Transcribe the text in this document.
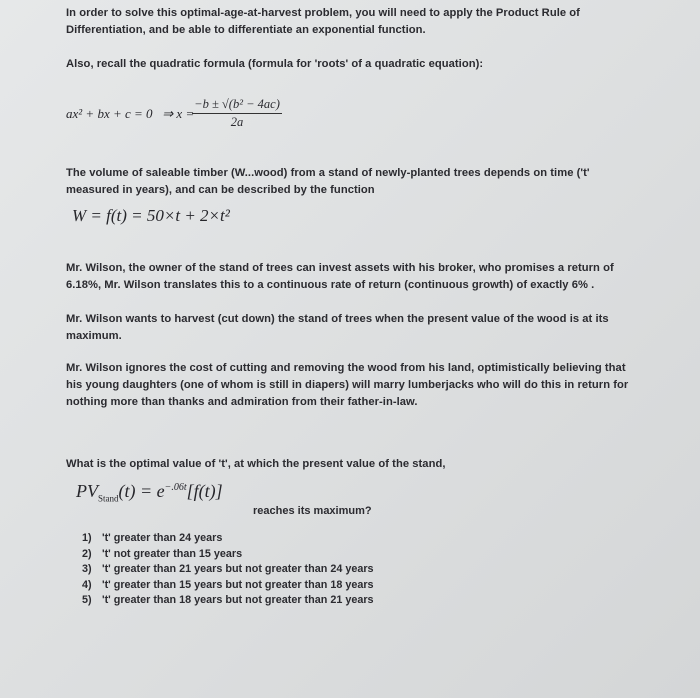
In order to solve this optimal-age-at-harvest problem, you will need to apply the Product Rule of Differentiation, and be able to differentiate an exponential function.
Also, recall the quadratic formula (formula for 'roots' of a quadratic equation):
ax² + bx + c = 0 ⇒ x =
$\frac{\text{−b ± √(b² − 4ac)}}{2a}$
The volume of saleable timber (W...wood) from a stand of newly-planted trees depends on time ('t' measured in years), and can be described by the function
W = f(t) = 50×t + 2×t²
Mr. Wilson, the owner of the stand of trees can invest assets with his broker, who promises a return of 6.18%, Mr. Wilson translates this to a continuous rate of return (continuous growth) of exactly 6% .
Mr. Wilson wants to harvest (cut down) the stand of trees when the present value of the wood is at its maximum.
Mr. Wilson ignores the cost of cutting and removing the wood from his land, optimistically believing that his young daughters (one of whom is still in diapers) will marry lumberjacks who will do this in return for nothing more than thanks and admiration from their father-in-law.
What is the optimal value of 't', at which the present value of the stand,
$PV_{Stand}(t) = e^{-.06t}[f(t)]$
reaches its maximum?
1) 't' greater than 24 years
2) 't' not greater than 15 years
3) 't' greater than 21 years but not greater than 24 years
4) 't' greater than 15 years but not greater than 18 years
5) 't' greater than 18 years but not greater than 21 years
